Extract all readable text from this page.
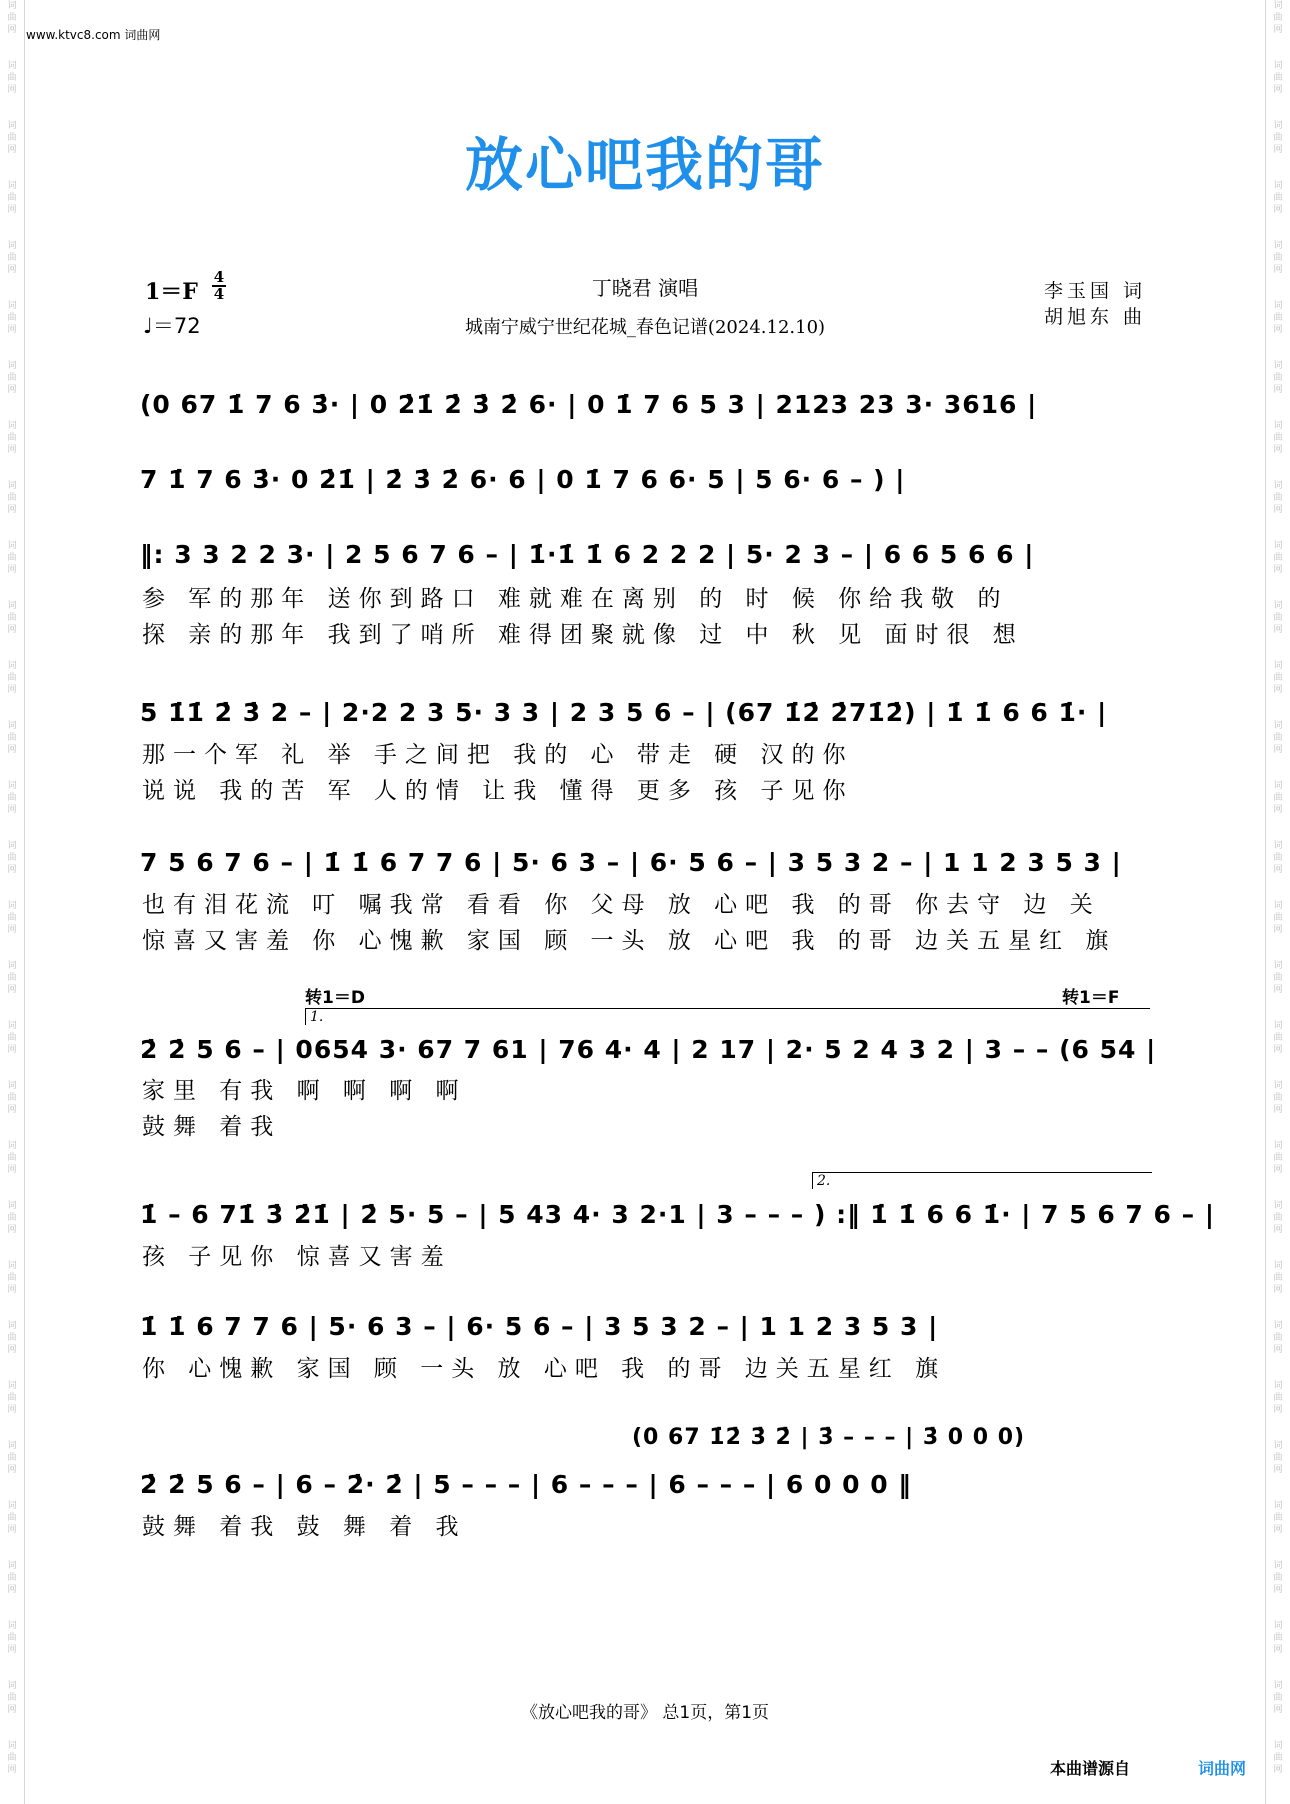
词
曲
网
词
曲
网
词
曲
网
词
曲
网
词
曲
网
词
曲
网
词
曲
网
词
曲
网
词
曲
网
词
曲
网
词
曲
网
词
曲
网
词
曲
网
词
曲
网
词
曲
网
词
曲
网
词
曲
网
词
曲
网
词
曲
网
词
曲
网
词
曲
网
词
曲
网
词
曲
网
词
曲
网
词
曲
网
词
曲
网
词
曲
网
词
曲
网
词
曲
网
词
曲
网
词
曲
网
词
曲
网
词
曲
网
词
曲
网
词
曲
网
词
曲
网
词
曲
网
词
曲
网
词
曲
网
词
曲
网
词
曲
网
词
曲
网
词
曲
网
词
曲
网
词
曲
网
词
曲
网
词
曲
网
词
曲
网
词
曲
网
词
曲
网
词
曲
网
词
曲
网
词
曲
网
词
曲
网
词
曲
网
词
曲
网
词
曲
网
词
曲
网
词
曲
网
词
曲
网
www.ktvc8.com 词曲网
放心吧我的哥
1＝F
4
4
♩＝72
丁晓君 演唱
城南宁威宁世纪花城_春色记谱(2024.12.10)
李玉国 词
胡旭东 曲
(0 67 1̇ 7 6 3̇· | 0 2̇1̇ 2̇ 3̇ 2̇ 6· | 0 1̇ 7 6 5 3 | 2123 23 3· 3616 |
7 1̇ 7 6 3̇· 0 2̇1̇ | 2̇ 3̇ 2̇ 6· 6 | 0 1̇ 7 6 6· 5 | 5 6· 6 – ) |
‖: 3 3 2 2 3· | 2 5 6 7 6 – | 1̇·1̇ 1̇ 6 2 2 2 | 5· 2 3 – | 6 6 5 6 6 |
参 军的那年 送你到路口 难就难在离别 的 时 候 你给我敬 的
探 亲的那年 我到了哨所 难得团聚就像 过 中 秋 见 面时很 想
5 1̇1̇ 2̇ 3̇ 2 – | 2·2 2 3 5· 3 3 | 2 3 5 6 – | (67 1̇2̇ 2̇71̇2̇) | 1̇ 1̇ 6 6 1̇· |
那一个军 礼 举 手之间把 我的 心 带走 硬 汉的你
说说 我的苦 军 人的情 让我 懂得 更多 孩 子见你
7 5 6 7 6 – | 1̇ 1̇ 6 7 7 6 | 5· 6 3 – | 6· 5 6 – | 3 5 3 2 – | 1 1 2 3 5 3 |
也有泪花流 叮 嘱我常 看看 你 父母 放 心吧 我 的哥 你去守 边 关
惊喜又害羞 你 心愧歉 家国 顾 一头 放 心吧 我 的哥 边关五星红 旗
转1＝D	转1＝F
1.
2̇ 2̇ 5 6 – | 0654 3· 67 7 61 | 76 4· 4 | 2 17 | 2· 5 2 4 3 2 | 3 – – (6 54 |
家里 有我 啊 啊 啊 啊
鼓舞 着我
2.
1̇ – 6 71̇ 3̇ 2̇1̇ | 2̇ 5· 5 – | 5 43 4· 3 2·1 | 3 – – – ) :‖ 1̇ 1̇ 6 6 1̇· | 7 5 6 7 6 – |
孩 子见你 惊喜又害羞
1̇ 1̇ 6 7 7 6 | 5· 6 3 – | 6· 5 6 – | 3 5 3 2 – | 1 1 2 3 5 3 |
你 心愧歉 家国 顾 一头 放 心吧 我 的哥 边关五星红 旗
(0 67 1̇2̇ 3̇ 2̇ | 3̇ – – – | 3̇ 0 0 0)
2̇ 2̇ 5 6 – | 6 – 2̇· 2̇ | 5 – – – | 6 – – – | 6 – – – | 6 0 0 0 ‖
鼓舞 着我 鼓 舞 着 我
《放心吧我的哥》 总1页，第1页
本曲谱源自	词曲网
